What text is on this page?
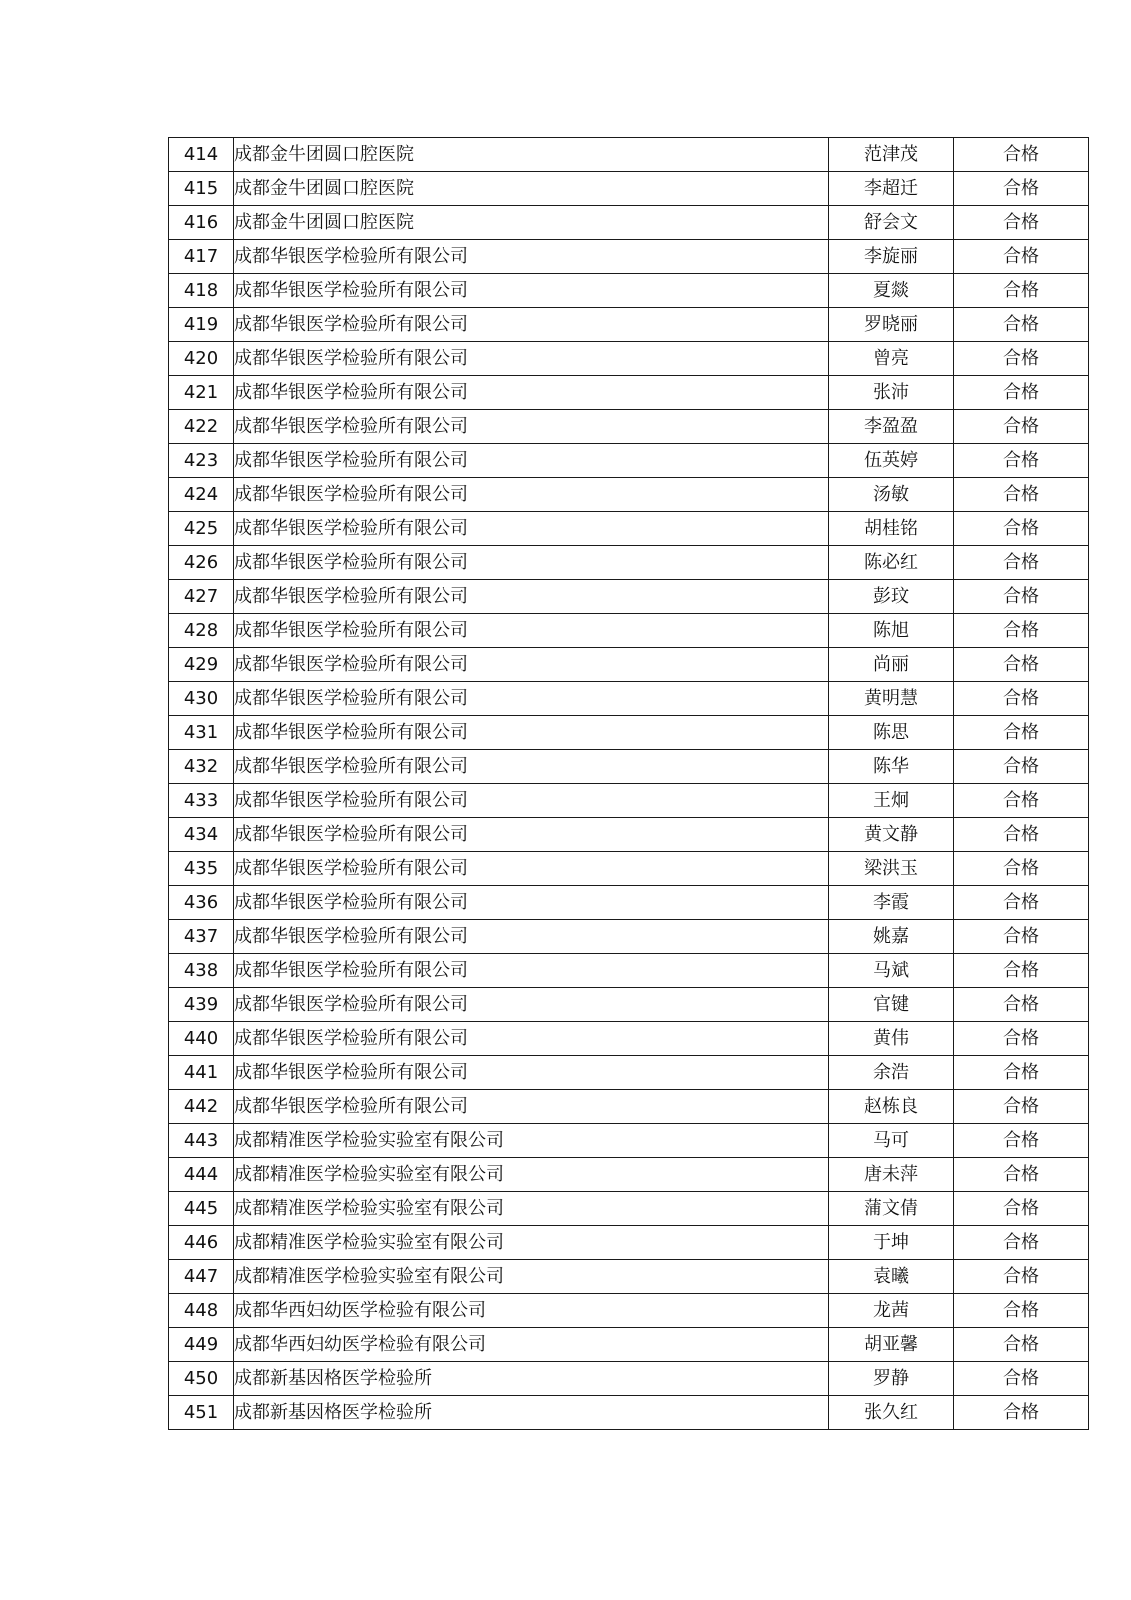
414	成都金牛团圆口腔医院	范津茂	合格
415	成都金牛团圆口腔医院	李超迁	合格
416	成都金牛团圆口腔医院	舒会文	合格
417	成都华银医学检验所有限公司	李旋丽	合格
418	成都华银医学检验所有限公司	夏燚	合格
419	成都华银医学检验所有限公司	罗晓丽	合格
420	成都华银医学检验所有限公司	曾亮	合格
421	成都华银医学检验所有限公司	张沛	合格
422	成都华银医学检验所有限公司	李盈盈	合格
423	成都华银医学检验所有限公司	伍英婷	合格
424	成都华银医学检验所有限公司	汤敏	合格
425	成都华银医学检验所有限公司	胡桂铭	合格
426	成都华银医学检验所有限公司	陈必红	合格
427	成都华银医学检验所有限公司	彭玟	合格
428	成都华银医学检验所有限公司	陈旭	合格
429	成都华银医学检验所有限公司	尚丽	合格
430	成都华银医学检验所有限公司	黄明慧	合格
431	成都华银医学检验所有限公司	陈思	合格
432	成都华银医学检验所有限公司	陈华	合格
433	成都华银医学检验所有限公司	王炯	合格
434	成都华银医学检验所有限公司	黄文静	合格
435	成都华银医学检验所有限公司	梁洪玉	合格
436	成都华银医学检验所有限公司	李霞	合格
437	成都华银医学检验所有限公司	姚嘉	合格
438	成都华银医学检验所有限公司	马斌	合格
439	成都华银医学检验所有限公司	官键	合格
440	成都华银医学检验所有限公司	黄伟	合格
441	成都华银医学检验所有限公司	余浩	合格
442	成都华银医学检验所有限公司	赵栋良	合格
443	成都精准医学检验实验室有限公司	马可	合格
444	成都精准医学检验实验室有限公司	唐未萍	合格
445	成都精准医学检验实验室有限公司	蒲文倩	合格
446	成都精准医学检验实验室有限公司	于坤	合格
447	成都精准医学检验实验室有限公司	袁曦	合格
448	成都华西妇幼医学检验有限公司	龙茜	合格
449	成都华西妇幼医学检验有限公司	胡亚馨	合格
450	成都新基因格医学检验所	罗静	合格
451	成都新基因格医学检验所	张久红	合格
